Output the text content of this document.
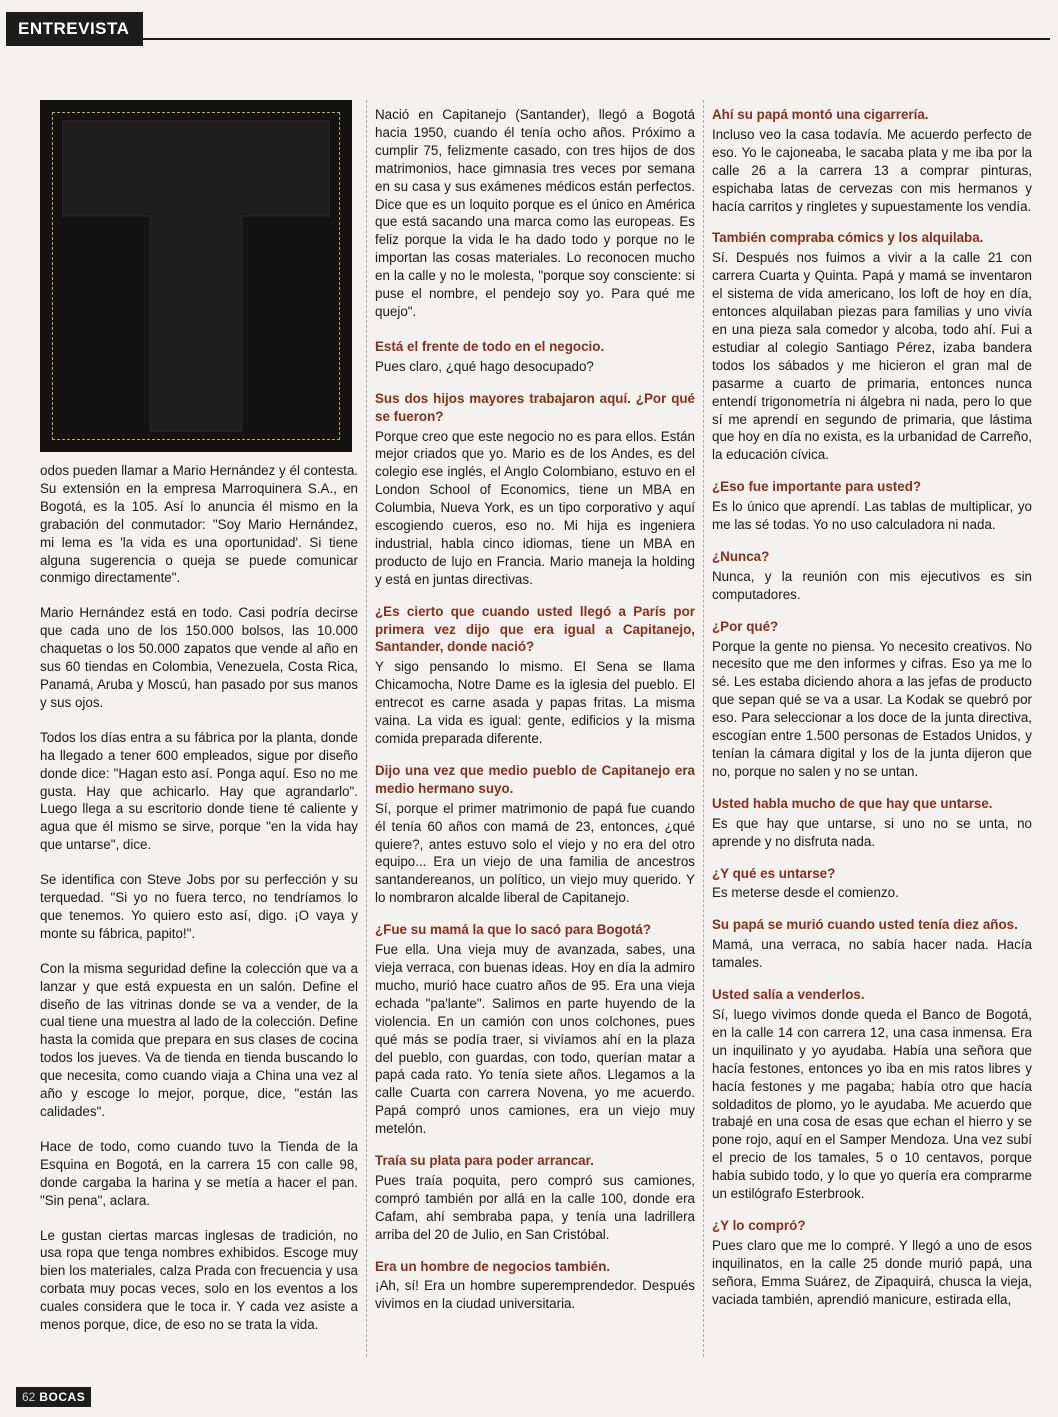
ENTREVISTA

odos pueden llamar a Mario Hernández y él contesta. Su extensión en la empresa Marroquinera S.A., en Bogotá, es la 105. Así lo anuncia él mismo en la grabación del conmutador: "Soy Mario Hernández, mi lema es 'la vida es una oportunidad'. Si tiene alguna sugerencia o queja se puede comunicar conmigo directamente".

Mario Hernández está en todo. Casi podría decirse que cada uno de los 150.000 bolsos, las 10.000 chaquetas o los 50.000 zapatos que vende al año en sus 60 tiendas en Colombia, Venezuela, Costa Rica, Panamá, Aruba y Moscú, han pasado por sus manos y sus ojos.

Todos los días entra a su fábrica por la planta, donde ha llegado a tener 600 empleados, sigue por diseño donde dice: "Hagan esto así. Ponga aquí. Eso no me gusta. Hay que achicarlo. Hay que agrandarlo". Luego llega a su escritorio donde tiene té caliente y agua que él mismo se sirve, porque "en la vida hay que untarse", dice.

Se identifica con Steve Jobs por su perfección y su terquedad. "Si yo no fuera terco, no tendríamos lo que tenemos. Yo quiero esto así, digo. ¡O vaya y monte su fábrica, papito!".

Con la misma seguridad define la colección que va a lanzar y que está expuesta en un salón. Define el diseño de las vitrinas donde se va a vender, de la cual tiene una muestra al lado de la colección. Define hasta la comida que prepara en sus clases de cocina todos los jueves. Va de tienda en tienda buscando lo que necesita, como cuando viaja a China una vez al año y escoge lo mejor, porque, dice, "están las calidades".

Hace de todo, como cuando tuvo la Tienda de la Esquina en Bogotá, en la carrera 15 con calle 98, donde cargaba la harina y se metía a hacer el pan. "Sin pena", aclara.

Le gustan ciertas marcas inglesas de tradición, no usa ropa que tenga nombres exhibidos. Escoge muy bien los materiales, calza Prada con frecuencia y usa corbata muy pocas veces, solo en los eventos a los cuales considera que le toca ir. Y cada vez asiste a menos porque, dice, de eso no se trata la vida.

Nació en Capitanejo (Santander), llegó a Bogotá hacia 1950, cuando él tenía ocho años. Próximo a cumplir 75, felizmente casado, con tres hijos de dos matrimonios, hace gimnasia tres veces por semana en su casa y sus exámenes médicos están perfectos. Dice que es un loquito porque es el único en América que está sacando una marca como las europeas. Es feliz porque la vida le ha dado todo y porque no le importan las cosas materiales. Lo reconocen mucho en la calle y no le molesta, "porque soy consciente: si puse el nombre, el pendejo soy yo. Para qué me quejo".

Está el frente de todo en el negocio.

Pues claro, ¿qué hago desocupado?

Sus dos hijos mayores trabajaron aquí. ¿Por qué se fueron?

Porque creo que este negocio no es para ellos. Están mejor criados que yo. Mario es de los Andes, es del colegio ese inglés, el Anglo Colombiano, estuvo en el London School of Economics, tiene un MBA en Columbia, Nueva York, es un tipo corporativo y aquí escogiendo cueros, eso no. Mi hija es ingeniera industrial, habla cinco idiomas, tiene un MBA en producto de lujo en Francia. Mario maneja la holding y está en juntas directivas.

¿Es cierto que cuando usted llegó a París por primera vez dijo que era igual a Capitanejo, Santander, donde nació?

Y sigo pensando lo mismo. El Sena se llama Chicamocha, Notre Dame es la iglesia del pueblo. El entrecot es carne asada y papas fritas. La misma vaina. La vida es igual: gente, edificios y la misma comida preparada diferente.

Dijo una vez que medio pueblo de Capitanejo era medio hermano suyo.

Sí, porque el primer matrimonio de papá fue cuando él tenía 60 años con mamá de 23, entonces, ¿qué quiere?, antes estuvo solo el viejo y no era del otro equipo... Era un viejo de una familia de ancestros santandereanos, un político, un viejo muy querido. Y lo nombraron alcalde liberal de Capitanejo.

¿Fue su mamá la que lo sacó para Bogotá?

Fue ella. Una vieja muy de avanzada, sabes, una vieja verraca, con buenas ideas. Hoy en día la admiro mucho, murió hace cuatro años de 95. Era una vieja echada "pa'lante". Salimos en parte huyendo de la violencia. En un camión con unos colchones, pues qué más se podía traer, si vivíamos ahí en la plaza del pueblo, con guardas, con todo, querían matar a papá cada rato. Yo tenía siete años. Llegamos a la calle Cuarta con carrera Novena, yo me acuerdo. Papá compró unos camiones, era un viejo muy metelón.

Traía su plata para poder arrancar.

Pues traía poquita, pero compró sus camiones, compró también por allá en la calle 100, donde era Cafam, ahí sembraba papa, y tenía una ladrillera arriba del 20 de Julio, en San Cristóbal.

Era un hombre de negocios también.

¡Ah, sí! Era un hombre superemprendedor. Después vivimos en la ciudad universitaria.

Ahí su papá montó una cigarrería.

Incluso veo la casa todavía. Me acuerdo perfecto de eso. Yo le cajoneaba, le sacaba plata y me iba por la calle 26 a la carrera 13 a comprar pinturas, espichaba latas de cervezas con mis hermanos y hacía carritos y ringletes y supuestamente los vendía.

También compraba cómics y los alquilaba.

Sí. Después nos fuimos a vivir a la calle 21 con carrera Cuarta y Quinta. Papá y mamá se inventaron el sistema de vida americano, los loft de hoy en día, entonces alquilaban piezas para familias y uno vivía en una pieza sala comedor y alcoba, todo ahí. Fui a estudiar al colegio Santiago Pérez, izaba bandera todos los sábados y me hicieron el gran mal de pasarme a cuarto de primaria, entonces nunca entendí trigonometría ni álgebra ni nada, pero lo que sí me aprendí en segundo de primaria, que lástima que hoy en día no exista, es la urbanidad de Carreño, la educación cívica.

¿Eso fue importante para usted?

Es lo único que aprendí. Las tablas de multiplicar, yo me las sé todas. Yo no uso calculadora ni nada.

¿Nunca?

Nunca, y la reunión con mis ejecutivos es sin computadores.

¿Por qué?

Porque la gente no piensa. Yo necesito creativos. No necesito que me den informes y cifras. Eso ya me lo sé. Les estaba diciendo ahora a las jefas de producto que sepan qué se va a usar. La Kodak se quebró por eso. Para seleccionar a los doce de la junta directiva, escogían entre 1.500 personas de Estados Unidos, y tenían la cámara digital y los de la junta dijeron que no, porque no salen y no se untan.

Usted habla mucho de que hay que untarse.

Es que hay que untarse, si uno no se unta, no aprende y no disfruta nada.

¿Y qué es untarse?

Es meterse desde el comienzo.

Su papá se murió cuando usted tenía diez años.

Mamá, una verraca, no sabía hacer nada. Hacía tamales.

Usted salía a venderlos.

Sí, luego vivimos donde queda el Banco de Bogotá, en la calle 14 con carrera 12, una casa inmensa. Era un inquilinato y yo ayudaba. Había una señora que hacía festones, entonces yo iba en mis ratos libres y hacía festones y me pagaba; había otro que hacía soldaditos de plomo, yo le ayudaba. Me acuerdo que trabajé en una cosa de esas que echan el hierro y se pone rojo, aquí en el Samper Mendoza. Una vez subí el precio de los tamales, 5 o 10 centavos, porque había subido todo, y lo que yo quería era comprarme un estilógrafo Esterbrook.

¿Y lo compró?

Pues claro que me lo compré. Y llegó a uno de esos inquilinatos, en la calle 25 donde murió papá, una señora, Emma Suárez, de Zipaquirá, chusca la vieja, vaciada también, aprendió manicure, estirada ella,

62 BOCAS
